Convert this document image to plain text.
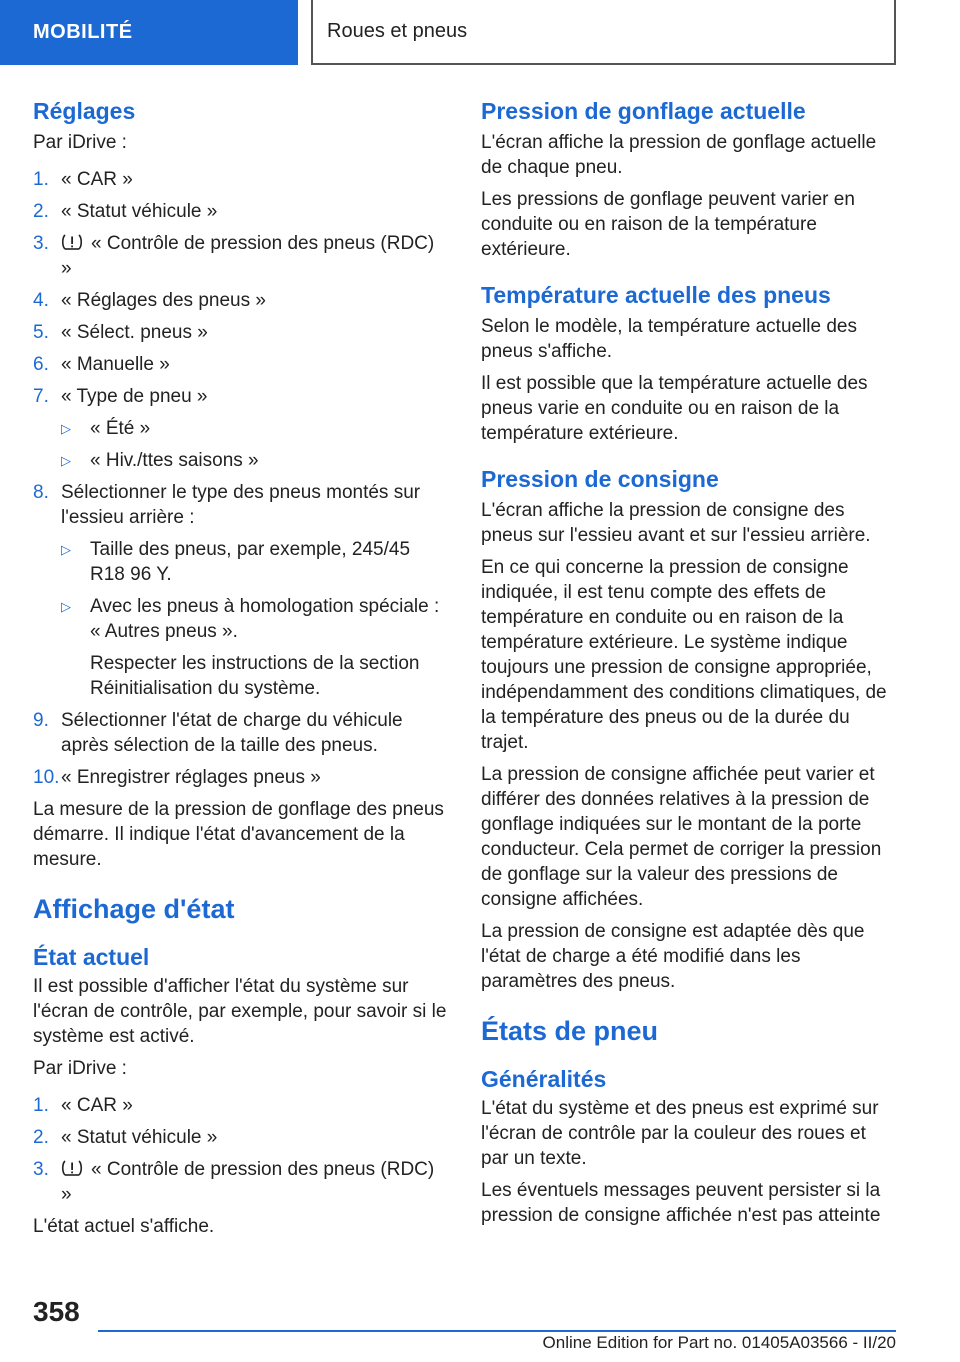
MOBILITÉ	Roues et pneus
Réglages

Par iDrive :

1. « CAR »
2. « Statut véhicule »
3.	« Contrôle de pression des pneus (RDC) »
4. « Réglages des pneus »
5. « Sélect. pneus »
6. « Manuelle »
7. « Type de pneu »
▷	« Été »
▷	« Hiv./ttes saisons »
8. Sélectionner le type des pneus montés sur l'essieu arrière :
▷	Taille des pneus, par exemple, 245/45 R18 96 Y.
▷	Avec les pneus à homologation spéciale : « Autres pneus ».

Respecter les instructions de la section Réinitialisation du système.

9. Sélectionner l'état de charge du véhicule après sélection de la taille des pneus.
10. « Enregistrer réglages pneus »

La mesure de la pression de gonflage des pneus démarre. Il indique l'état d'avancement de la mesure.

Affichage d'état
État actuel

Il est possible d'afficher l'état du système sur l'écran de contrôle, par exemple, pour savoir si le système est activé.

Par iDrive :

1. « CAR »
2. « Statut véhicule »
3.	« Contrôle de pression des pneus (RDC) »

L'état actuel s'affiche.

Pression de gonflage actuelle

L'écran affiche la pression de gonflage actuelle de chaque pneu.

Les pressions de gonflage peuvent varier en conduite ou en raison de la température extérieure.

Température actuelle des pneus

Selon le modèle, la température actuelle des pneus s'affiche.

Il est possible que la température actuelle des pneus varie en conduite ou en raison de la température extérieure.

Pression de consigne

L'écran affiche la pression de consigne des pneus sur l'essieu avant et sur l'essieu arrière.

En ce qui concerne la pression de consigne indiquée, il est tenu compte des effets de température en conduite ou en raison de la température extérieure. Le système indique toujours une pression de consigne appropriée, indépendamment des conditions climatiques, de la température des pneus ou de la durée du trajet.

La pression de consigne affichée peut varier et différer des données relatives à la pression de gonflage indiquées sur le montant de la porte conducteur. Cela permet de corriger la pression de gonflage sur la valeur des pressions de consigne affichées.

La pression de consigne est adaptée dès que l'état de charge a été modifié dans les paramètres des pneus.

États de pneu
Généralités

L'état du système et des pneus est exprimé sur l'écran de contrôle par la couleur des roues et par un texte.

Les éventuels messages peuvent persister si la pression de consigne affichée n'est pas atteinte

358
Online Edition for Part no. 01405A03566 - II/20
